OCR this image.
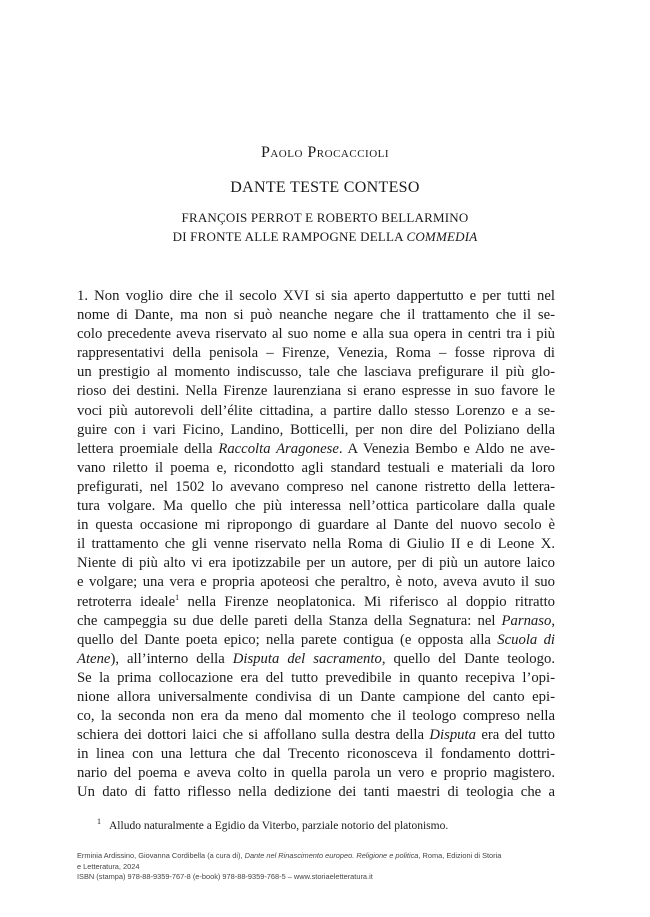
Paolo Procaccioli
DANTE TESTE CONTESO
FRANÇOIS PERROT E ROBERTO BELLARMINO
DI FRONTE ALLE RAMPOGNE DELLA COMMEDIA
1. Non voglio dire che il secolo XVI si sia aperto dappertutto e per tutti nel
nome di Dante, ma non si può neanche negare che il trattamento che il se-
colo precedente aveva riservato al suo nome e alla sua opera in centri tra i più
rappresentativi della penisola – Firenze, Venezia, Roma – fosse riprova di
un prestigio al momento indiscusso, tale che lasciava prefigurare il più glo-
rioso dei destini. Nella Firenze laurenziana si erano espresse in suo favore le
voci più autorevoli dell’élite cittadina, a partire dallo stesso Lorenzo e a se-
guire con i vari Ficino, Landino, Botticelli, per non dire del Poliziano della
lettera proemiale della Raccolta Aragonese. A Venezia Bembo e Aldo ne ave-
vano riletto il poema e, ricondotto agli standard testuali e materiali da loro
prefigurati, nel 1502 lo avevano compreso nel canone ristretto della lettera-
tura volgare. Ma quello che più interessa nell’ottica particolare dalla quale
in questa occasione mi ripropongo di guardare al Dante del nuovo secolo è
il trattamento che gli venne riservato nella Roma di Giulio II e di Leone X.
Niente di più alto vi era ipotizzabile per un autore, per di più un autore laico
e volgare; una vera e propria apoteosi che peraltro, è noto, aveva avuto il suo
retroterra ideale$^1$ nella Firenze neoplatonica. Mi riferisco al doppio ritratto
che campeggia su due delle pareti della Stanza della Segnatura: nel Parnaso,
quello del Dante poeta epico; nella parete contigua (e opposta alla Scuola di
Atene), all’interno della Disputa del sacramento, quello del Dante teologo.
Se la prima collocazione era del tutto prevedibile in quanto recepiva l’opi-
nione allora universalmente condivisa di un Dante campione del canto epi-
co, la seconda non era da meno dal momento che il teologo compreso nella
schiera dei dottori laici che si affollano sulla destra della Disputa era del tutto
in linea con una lettura che dal Trecento riconosceva il fondamento dottri-
nario del poema e aveva colto in quella parola un vero e proprio magistero.
Un dato di fatto riflesso nella dedizione dei tanti maestri di teologia che a
$^1$ Alludo naturalmente a Egidio da Viterbo, parziale notorio del platonismo.
Erminia Ardissino, Giovanna Cordibella (a cura di), Dante nel Rinascimento europeo. Religione e politica, Roma, Edizioni di Storia
e Letteratura, 2024
ISBN (stampa) 978-88-9359-767-8 (e-book) 978-88-9359-768-5 – www.storiaeletteratura.it
